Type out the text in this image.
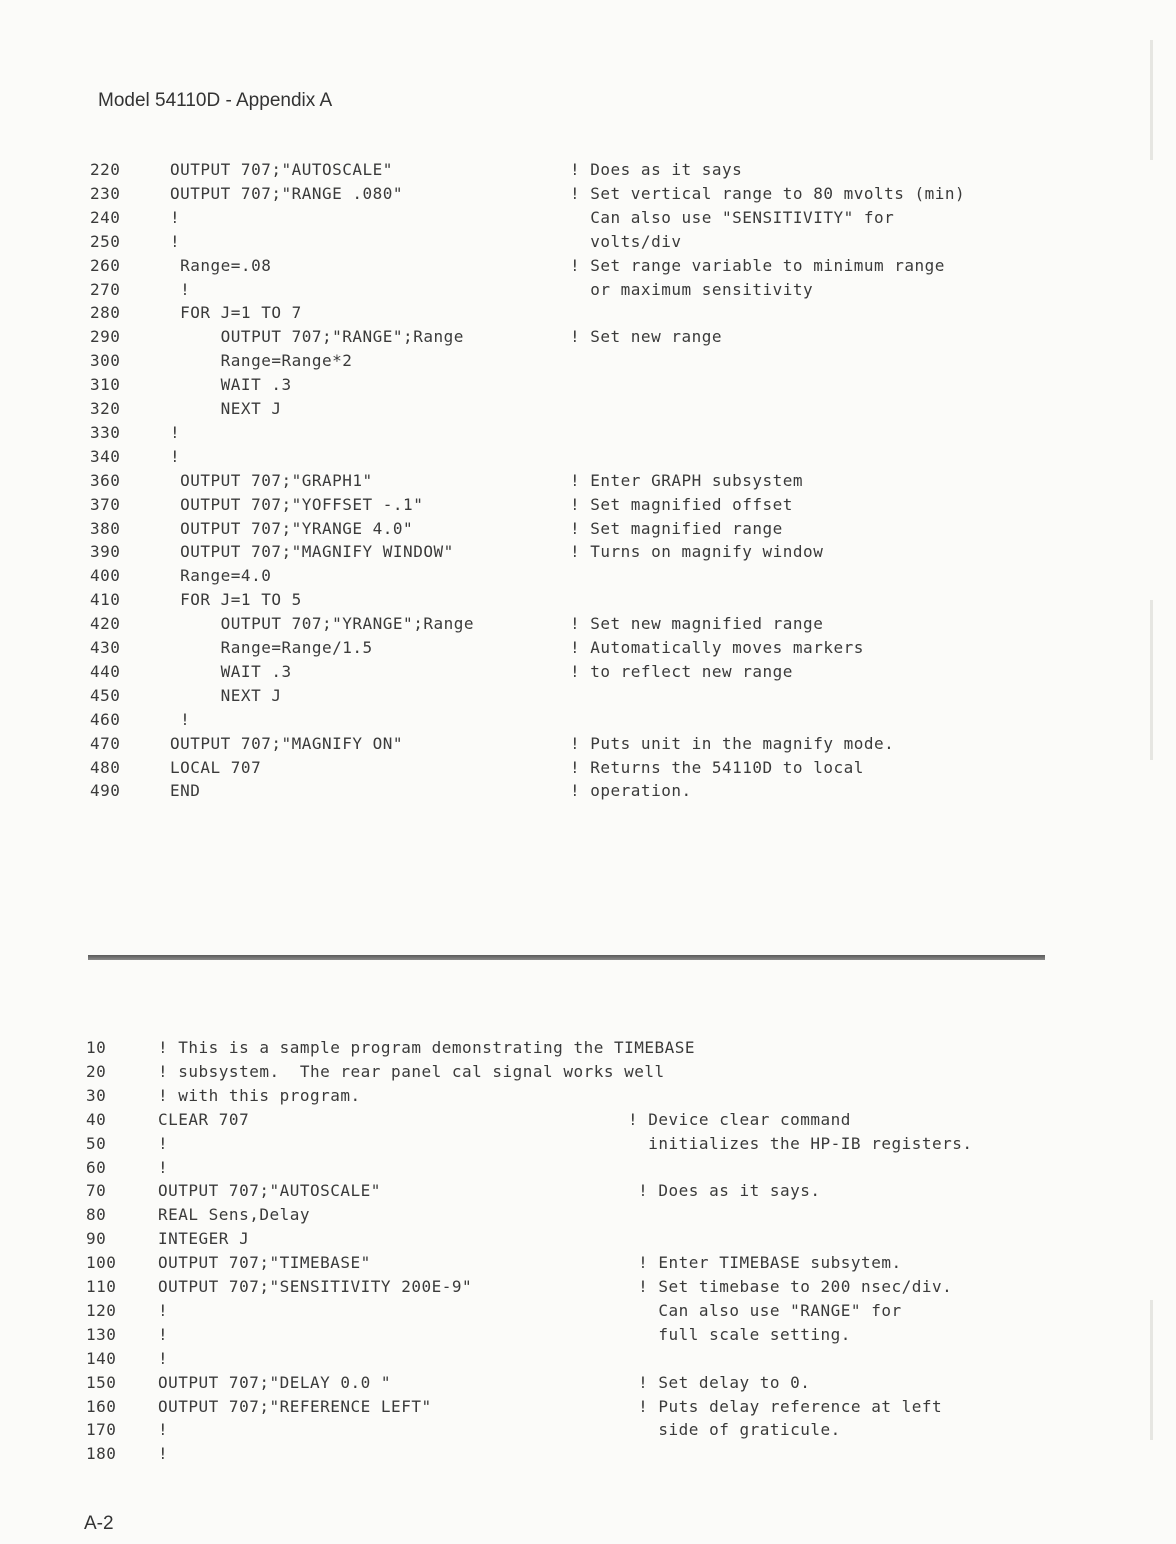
Model 54110D - Appendix A
220	OUTPUT 707;"AUTOSCALE"	! Does as it says
230	OUTPUT 707;"RANGE .080"	! Set vertical range to 80 mvolts (min)
240	!	Can also use "SENSITIVITY" for
250	!	volts/div
260	Range=.08	! Set range variable to minimum range
270	!	or maximum sensitivity
280	FOR J=1 TO 7
290	OUTPUT 707;"RANGE";Range	! Set new range
300	Range=Range*2
310	WAIT .3
320	NEXT J
330	!
340	!
360	OUTPUT 707;"GRAPH1"	! Enter GRAPH subsystem
370	OUTPUT 707;"YOFFSET -.1"	! Set magnified offset
380	OUTPUT 707;"YRANGE 4.0"	! Set magnified range
390	OUTPUT 707;"MAGNIFY WINDOW"	! Turns on magnify window
400	Range=4.0
410	FOR J=1 TO 5
420	OUTPUT 707;"YRANGE";Range	! Set new magnified range
430	Range=Range/1.5	! Automatically moves markers
440	WAIT .3	! to reflect new range
450	NEXT J
460	!
470	OUTPUT 707;"MAGNIFY ON"	! Puts unit in the magnify mode.
480	LOCAL 707	! Returns the 54110D to local
490	END	! operation.
10	! This is a sample program demonstrating the TIMEBASE
20	! subsystem.  The rear panel cal signal works well
30	! with this program.
40	CLEAR 707	! Device clear command
50	!	initializes the HP-IB registers.
60	!
70	OUTPUT 707;"AUTOSCALE"	! Does as it says.
80	REAL Sens,Delay
90	INTEGER J
100	OUTPUT 707;"TIMEBASE"	! Enter TIMEBASE subsytem.
110	OUTPUT 707;"SENSITIVITY 200E-9"	! Set timebase to 200 nsec/div.
120	!	Can also use "RANGE" for
130	!	full scale setting.
140	!
150	OUTPUT 707;"DELAY 0.0 "	! Set delay to 0.
160	OUTPUT 707;"REFERENCE LEFT"	! Puts delay reference at left
170	!	side of graticule.
180	!
A-2
